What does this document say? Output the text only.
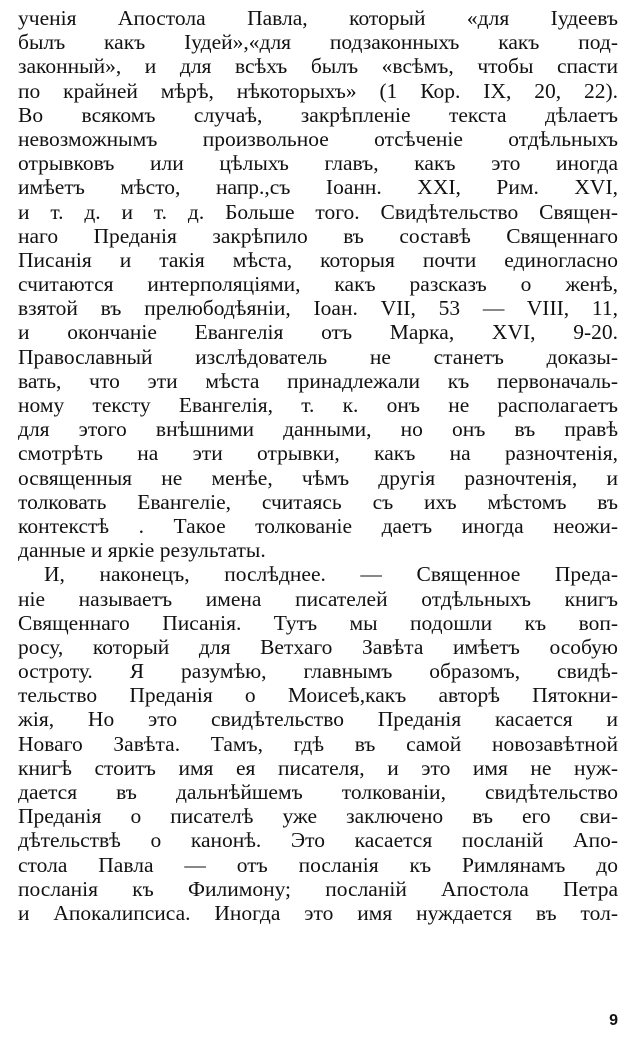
ученія Апостола Павла, который «для Іудеевъ
былъ какъ Іудей»,«для подзаконныхъ какъ под-
законный», и для всѣхъ былъ «всѣмъ, чтобы спасти
по крайней мѣрѣ, нѣкоторыхъ» (1 Кор. IX, 20, 22).
Во всякомъ случаѣ, закрѣпленіе текста дѣлаетъ
невозможнымъ произвольное отсѣченіе отдѣльныхъ
отрывковъ или цѣлыхъ главъ, какъ это иногда
имѣетъ мѣсто, напр.,съ Іоанн. XXI, Рим. XVI,
и т. д. и т. д. Больше того. Свидѣтельство Священ-
наго Преданія закрѣпило въ составѣ Священнаго
Писанія и такія мѣста, которыя почти единогласно
считаются интерполяціями, какъ разсказъ о женѣ,
взятой въ прелюбодѣяніи, Іоан. VII, 53 — VIII, 11,
и окончаніе Евангелія отъ Марка, XVI, 9-20.
Православный изслѣдователь не станетъ доказы-
вать, что эти мѣста принадлежали къ первоначаль-
ному тексту Евангелія, т. к. онъ не располагаетъ
для этого внѣшними данными, но онъ въ правѣ
смотрѣть на эти отрывки, какъ на разночтенія,
освященныя не менѣе, чѣмъ другія разночтенія, и
толковать Евангеліе, считаясь съ ихъ мѣстомъ въ
контекстѣ . Такое толкованіе даетъ иногда неожи-
данные и яркіе результаты.
И, наконецъ, послѣднее. — Священное Преда-
ніе называетъ имена писателей отдѣльныхъ книгъ
Священнаго Писанія. Тутъ мы подошли къ воп-
росу, который для Ветхаго Завѣта имѣетъ особую
остроту. Я разумѣю, главнымъ образомъ, свидѣ-
тельство Преданія о Моисеѣ,какъ авторѣ Пятокни-
жія, Но это свидѣтельство Преданія касается и
Новаго Завѣта. Тамъ, гдѣ въ самой новозавѣтной
книгѣ стоитъ имя ея писателя, и это имя не нуж-
дается въ дальнѣйшемъ толкованіи, свидѣтельство
Преданія о писателѣ уже заключено въ его сви-
дѣтельствѣ о канонѣ. Это касается посланій Апо-
стола Павла — отъ посланія къ Римлянамъ до
посланія къ Филимону; посланій Апостола Петра
и Апокалипсиса. Иногда это имя нуждается въ тол-
9
